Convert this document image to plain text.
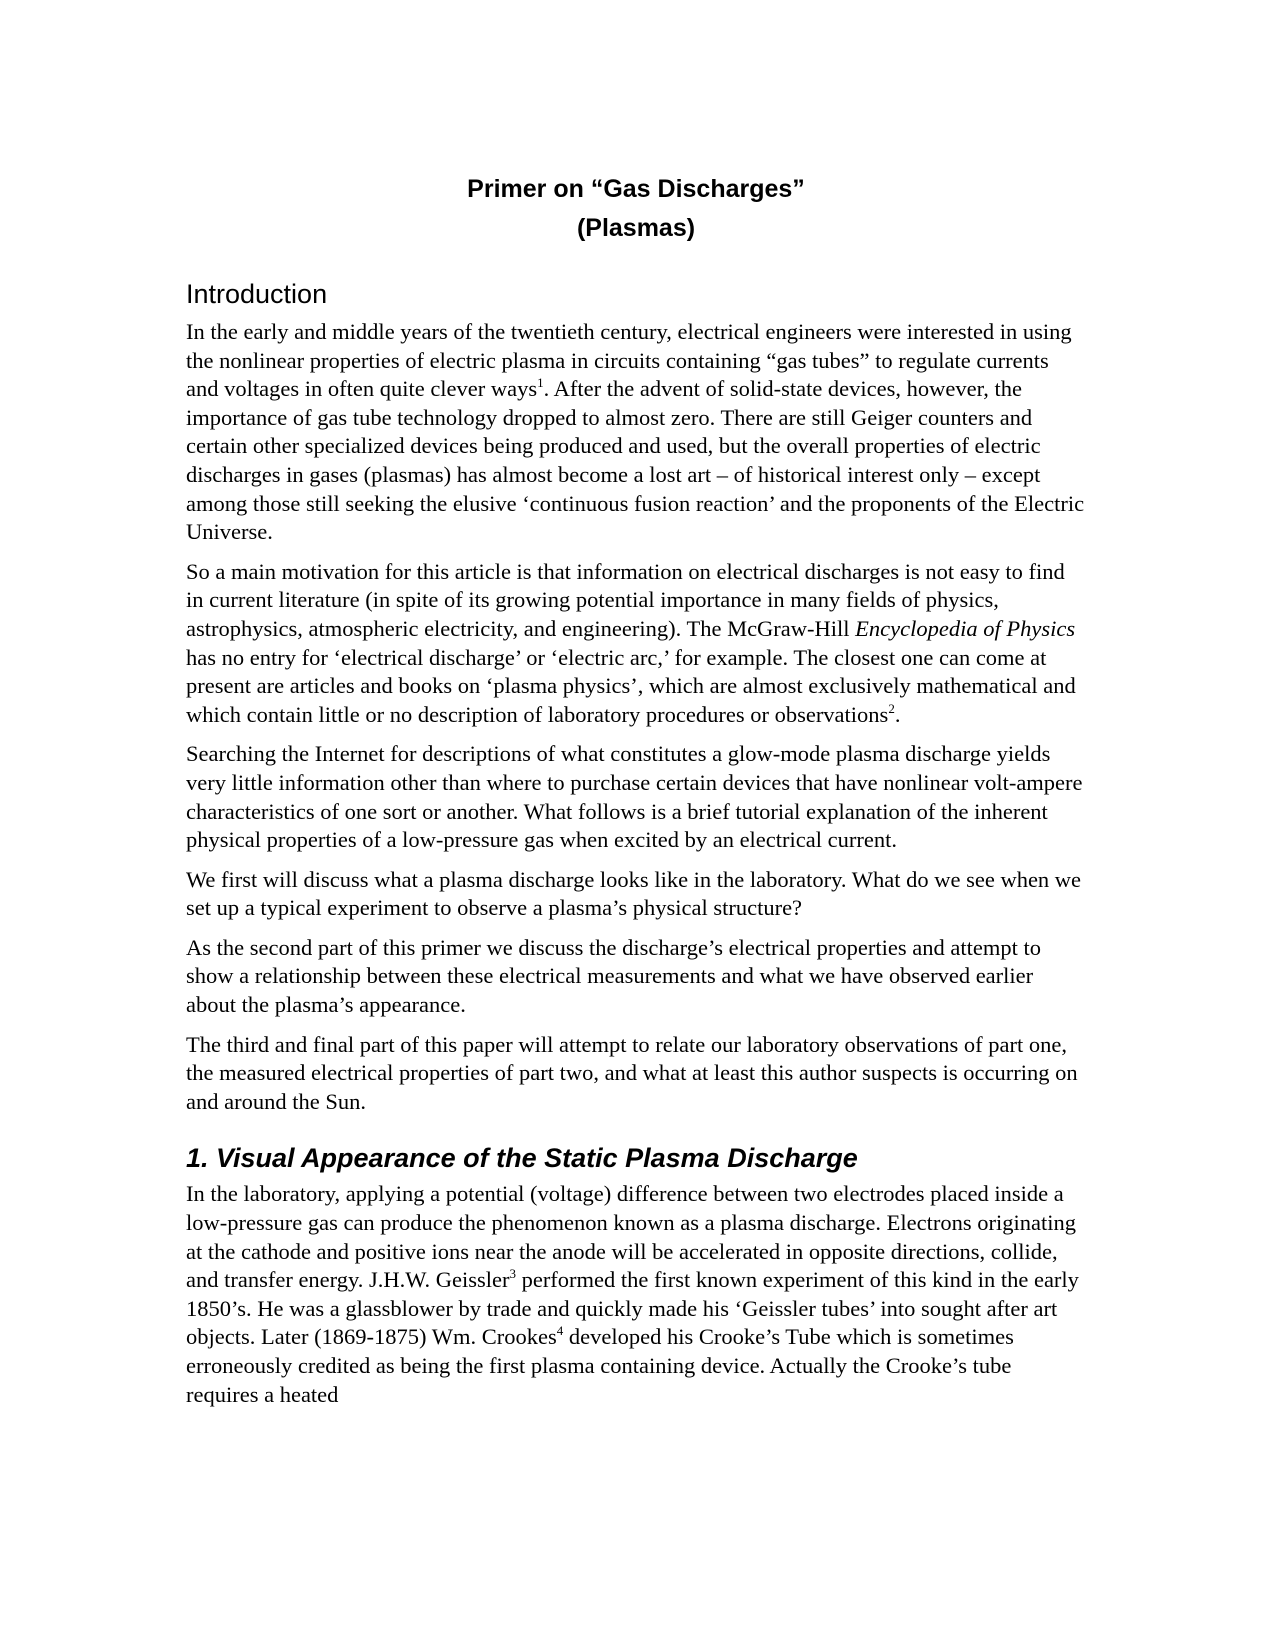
Primer on “Gas Discharges”
(Plasmas)
Introduction

In the early and middle years of the twentieth century, electrical engineers were interested in using the nonlinear properties of electric plasma in circuits containing “gas tubes” to regulate currents and voltages in often quite clever ways$^1$. After the advent of solid-state devices, however, the importance of gas tube technology dropped to almost zero. There are still Geiger counters and certain other specialized devices being produced and used, but the overall properties of electric discharges in gases (plasmas) has almost become a lost art – of historical interest only – except among those still seeking the elusive ‘continuous fusion reaction’ and the proponents of the Electric Universe.

So a main motivation for this article is that information on electrical discharges is not easy to find in current literature (in spite of its growing potential importance in many fields of physics, astrophysics, atmospheric electricity, and engineering). The McGraw-Hill Encyclopedia of Physics has no entry for ‘electrical discharge’ or ‘electric arc,’ for example. The closest one can come at present are articles and books on ‘plasma physics’, which are almost exclusively mathematical and which contain little or no description of laboratory procedures or observations$^2$.

Searching the Internet for descriptions of what constitutes a glow-mode plasma discharge yields very little information other than where to purchase certain devices that have nonlinear volt-ampere characteristics of one sort or another. What follows is a brief tutorial explanation of the inherent physical properties of a low-pressure gas when excited by an electrical current.

We first will discuss what a plasma discharge looks like in the laboratory. What do we see when we set up a typical experiment to observe a plasma’s physical structure?

As the second part of this primer we discuss the discharge’s electrical properties and attempt to show a relationship between these electrical measurements and what we have observed earlier about the plasma’s appearance.

The third and final part of this paper will attempt to relate our laboratory observations of part one, the measured electrical properties of part two, and what at least this author suspects is occurring on and around the Sun.

1. Visual Appearance of the Static Plasma Discharge

In the laboratory, applying a potential (voltage) difference between two electrodes placed inside a low-pressure gas can produce the phenomenon known as a plasma discharge. Electrons originating at the cathode and positive ions near the anode will be accelerated in opposite directions, collide, and transfer energy. J.H.W. Geissler$^3$ performed the first known experiment of this kind in the early 1850’s. He was a glassblower by trade and quickly made his ‘Geissler tubes’ into sought after art objects. Later (1869-1875) Wm. Crookes$^4$ developed his Crooke’s Tube which is sometimes erroneously credited as being the first plasma containing device. Actually the Crooke’s tube requires a heated
